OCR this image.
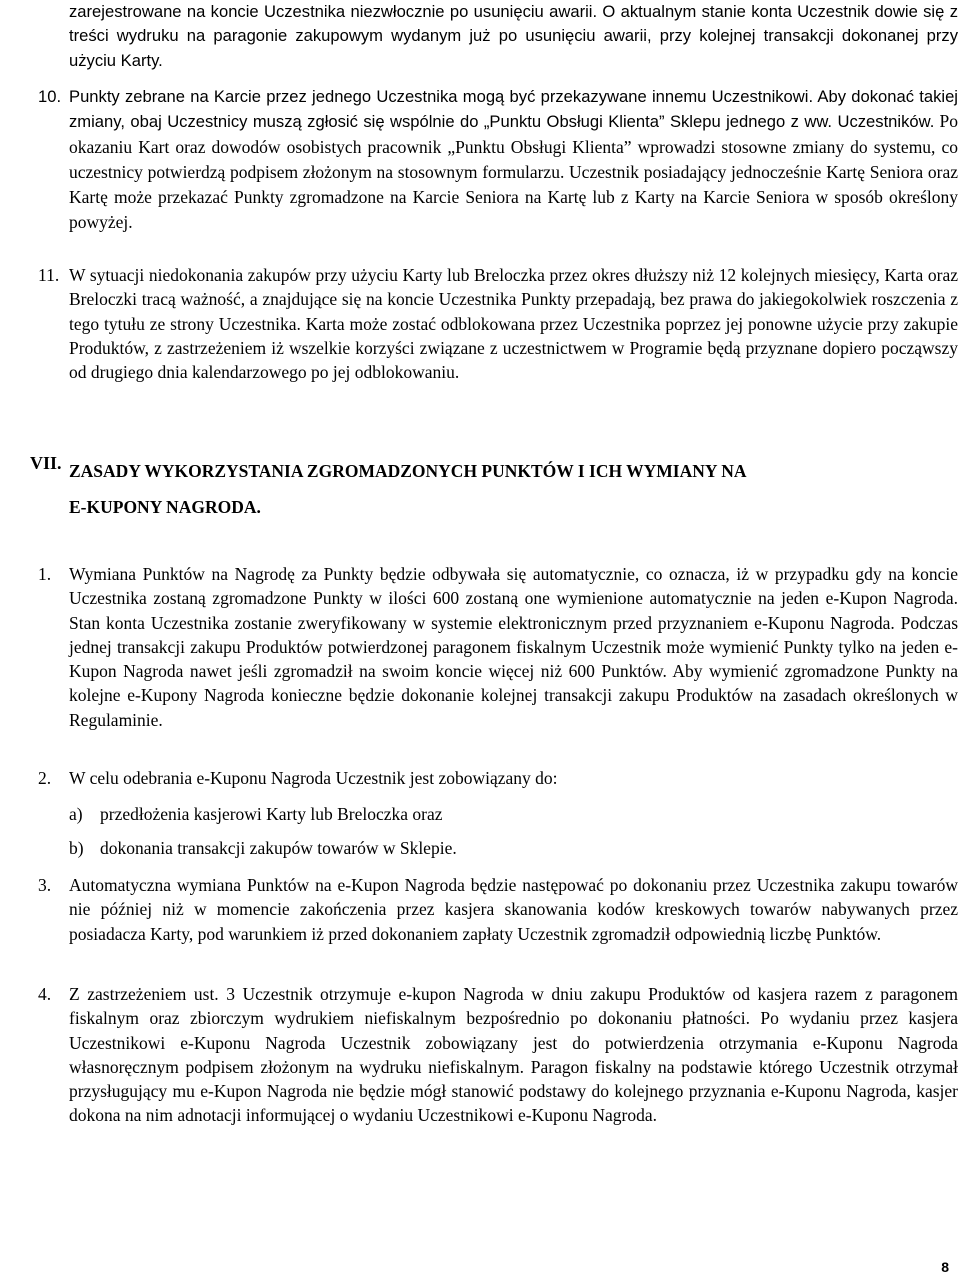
zarejestrowane na koncie Uczestnika niezwłocznie po usunięciu awarii. O aktualnym stanie konta Uczestnik dowie się z treści wydruku na paragonie zakupowym wydanym już po usunięciu awarii, przy kolejnej transakcji dokonanej przy użyciu Karty.

10. Punkty zebrane na Karcie przez jednego Uczestnika mogą być przekazywane innemu Uczestnikowi. Aby dokonać takiej zmiany, obaj Uczestnicy muszą zgłosić się wspólnie do „Punktu Obsługi Klienta” Sklepu jednego z ww. Uczestników. Po okazaniu Kart oraz dowodów osobistych pracownik „Punktu Obsługi Klienta” wprowadzi stosowne zmiany do systemu, co uczestnicy potwierdzą podpisem złożonym na stosownym formularzu. Uczestnik posiadający jednocześnie Kartę Seniora oraz Kartę może przekazać Punkty zgromadzone na Karcie Seniora na Kartę lub z Karty na Karcie Seniora w sposób określony powyżej.

11. W sytuacji niedokonania zakupów przy użyciu Karty lub Breloczka przez okres dłuższy niż 12 kolejnych miesięcy, Karta oraz Breloczki tracą ważność, a znajdujące się na koncie Uczestnika Punkty przepadają, bez prawa do jakiegokolwiek roszczenia z tego tytułu ze strony Uczestnika. Karta może zostać odblokowana przez Uczestnika poprzez jej ponowne użycie przy zakupie Produktów, z zastrzeżeniem iż wszelkie korzyści związane z uczestnictwem w Programie będą przyznane dopiero począwszy od drugiego dnia kalendarzowego po jej odblokowaniu.

VII. ZASADY WYKORZYSTANIA ZGROMADZONYCH PUNKTÓW I ICH WYMIANY NA
E-KUPONY NAGRODA.

1. Wymiana Punktów na Nagrodę za Punkty będzie odbywała się automatycznie, co oznacza, iż w przypadku gdy na koncie Uczestnika zostaną zgromadzone Punkty w ilości 600 zostaną one wymienione automatycznie na jeden e-Kupon Nagroda. Stan konta Uczestnika zostanie zweryfikowany w systemie elektronicznym przed przyznaniem e-Kuponu Nagroda. Podczas jednej transakcji zakupu Produktów potwierdzonej paragonem fiskalnym Uczestnik może wymienić Punkty tylko na jeden e-Kupon Nagroda nawet jeśli zgromadził na swoim koncie więcej niż 600 Punktów. Aby wymienić zgromadzone Punkty na kolejne e-Kupony Nagroda konieczne będzie dokonanie kolejnej transakcji zakupu Produktów na zasadach określonych w Regulaminie.

2. W celu odebrania e-Kuponu Nagroda Uczestnik jest zobowiązany do:

a) przedłożenia kasjerowi Karty lub Breloczka oraz
b) dokonania transakcji zakupów towarów w Sklepie.
3. Automatyczna wymiana Punktów na e-Kupon Nagroda będzie następować po dokonaniu przez Uczestnika zakupu towarów nie później niż w momencie zakończenia przez kasjera skanowania kodów kreskowych towarów nabywanych przez posiadacza Karty, pod warunkiem iż przed dokonaniem zapłaty Uczestnik zgromadził odpowiednią liczbę Punktów.

4. Z zastrzeżeniem ust. 3 Uczestnik otrzymuje e-kupon Nagroda w dniu zakupu Produktów od kasjera razem z paragonem fiskalnym oraz zbiorczym wydrukiem niefiskalnym bezpośrednio po dokonaniu płatności. Po wydaniu przez kasjera Uczestnikowi e-Kuponu Nagroda Uczestnik zobowiązany jest do potwierdzenia otrzymania e-Kuponu Nagroda własnoręcznym podpisem złożonym na wydruku niefiskalnym. Paragon fiskalny na podstawie którego Uczestnik otrzymał przysługujący mu e-Kupon Nagroda nie będzie mógł stanowić podstawy do kolejnego przyznania e-Kuponu Nagroda, kasjer dokona na nim adnotacji informującej o wydaniu Uczestnikowi e-Kuponu Nagroda.

8
